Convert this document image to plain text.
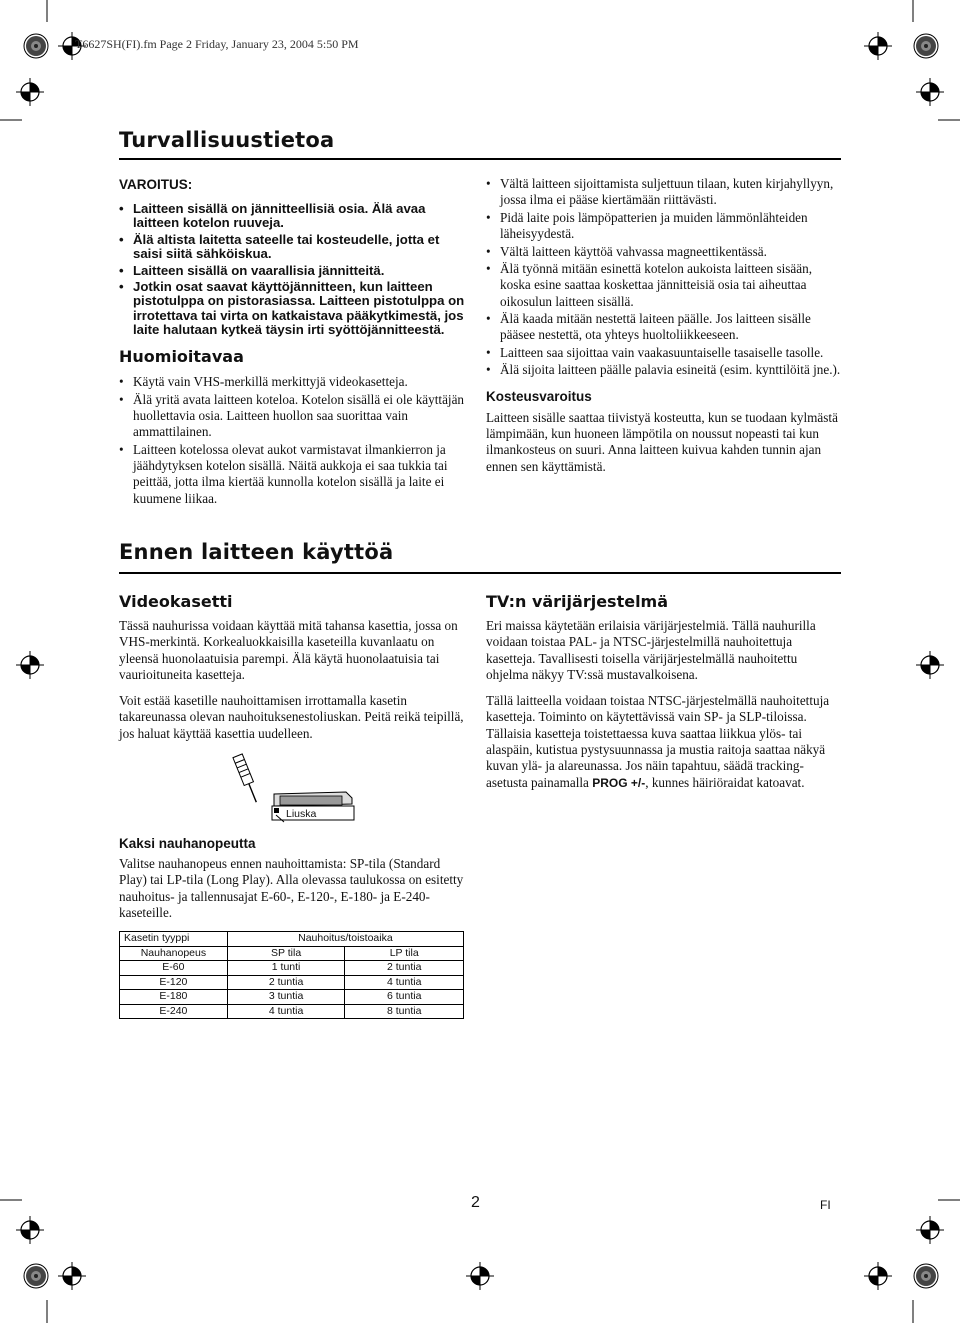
T6627SH(FI).fm Page 2 Friday, January 23, 2004 5:50 PM
Turvallisuustietoa
VAROITUS:
• Laitteen sisällä on jännitteellisiä osia. Älä avaa laitteen kotelon ruuveja.
• Älä altista laitetta sateelle tai kosteudelle, jotta et saisi siitä sähköiskua.
• Laitteen sisällä on vaarallisia jännitteitä.
• Jotkin osat saavat käyttöjännitteen, kun laitteen pistotulppa on pistorasiassa. Laitteen pistotulppa on irrotettava tai virta on katkaistava pääkytkimestä, jos laite halutaan kytkeä täysin irti syöttöjännitteestä.
Huomioitavaa
• Käytä vain VHS-merkillä merkittyjä videokasetteja.
• Älä yritä avata laitteen koteloa. Kotelon sisällä ei ole käyttäjän huollettavia osia. Laitteen huollon saa suorittaa vain ammattilainen.
• Laitteen kotelossa olevat aukot varmistavat ilmankierron ja jäähdytyksen kotelon sisällä. Näitä aukkoja ei saa tukkia tai peittää, jotta ilma kiertää kunnolla kotelon sisällä ja laite ei kuumene liikaa.
• Vältä laitteen sijoittamista suljettuun tilaan, kuten kirjahyllyyn, jossa ilma ei pääse kiertämään riittävästi.
• Pidä laite pois lämpöpatterien ja muiden lämmönlähteiden läheisyydestä.
• Vältä laitteen käyttöä vahvassa magneettikentässä.
• Älä työnnä mitään esinettä kotelon aukoista laitteen sisään, koska esine saattaa koskettaa jännitteisiä osia tai aiheuttaa oikosulun laitteen sisällä.
• Älä kaada mitään nestettä laiteen päälle. Jos laitteen sisälle pääsee nestettä, ota yhteys huoltoliikkeeseen.
• Laitteen saa sijoittaa vain vaakasuuntaiselle tasaiselle tasolle.
• Älä sijoita laitteen päälle palavia esineitä (esim. kynttilöitä jne.).
Kosteusvaroitus

Laitteen sisälle saattaa tiivistyä kosteutta, kun se tuodaan kylmästä lämpimään, kun huoneen lämpötila on noussut nopeasti tai kun ilmankosteus on suuri. Anna laitteen kuivua kahden tunnin ajan ennen sen käyttämistä.

Ennen laitteen käyttöä
Videokasetti

Tässä nauhurissa voidaan käyttää mitä tahansa kasettia, jossa on VHS-merkintä. Korkealuokkaisilla kaseteilla kuvanlaatu on yleensä huonolaatuisia parempi. Älä käytä huonolaatuisia tai vaurioituneita kasetteja.

Voit estää kasetille nauhoittamisen irrottamalla kasetin takareunassa olevan nauhoituksenestoliuskan. Peitä reikä teipillä, jos haluat käyttää kasettia uudelleen.

Liuska
Kaksi nauhanopeutta

Valitse nauhanopeus ennen nauhoittamista: SP-tila (Standard Play) tai LP-tila (Long Play). Alla olevassa taulukossa on esitetty nauhoitus- ja tallennusajat E-60-, E-120-, E-180- ja E-240-kaseteille.

Kasetin tyyppi	Nauhoitus/toistoaika	
Nauhanopeus	SP tila	LP tila
E-60	1 tunti	2 tuntia
E-120	2 tuntia	4 tuntia
E-180	3 tuntia	6 tuntia
E-240	4 tuntia	8 tuntia
TV:n värijärjestelmä

Eri maissa käytetään erilaisia värijärjestelmiä. Tällä nauhurilla voidaan toistaa PAL- ja NTSC-järjestelmillä nauhoitettuja kasetteja. Tavallisesti toisella värijärjestelmällä nauhoitettu ohjelma näkyy TV:ssä mustavalkoisena.

Tällä laitteella voidaan toistaa NTSC-järjestelmällä nauhoitettuja kasetteja. Toiminto on käytettävissä vain SP- ja SLP-tiloissa. Tällaisia kasetteja toistettaessa kuva saattaa liikkua ylös- tai alaspäin, kutistua pystysuunnassa ja mustia raitoja saattaa näkyä kuvan ylä- ja alareunassa. Jos näin tapahtuu, säädä tracking-asetusta painamalla PROG +/-, kunnes häiriöraidat katoavat.

2	FI
